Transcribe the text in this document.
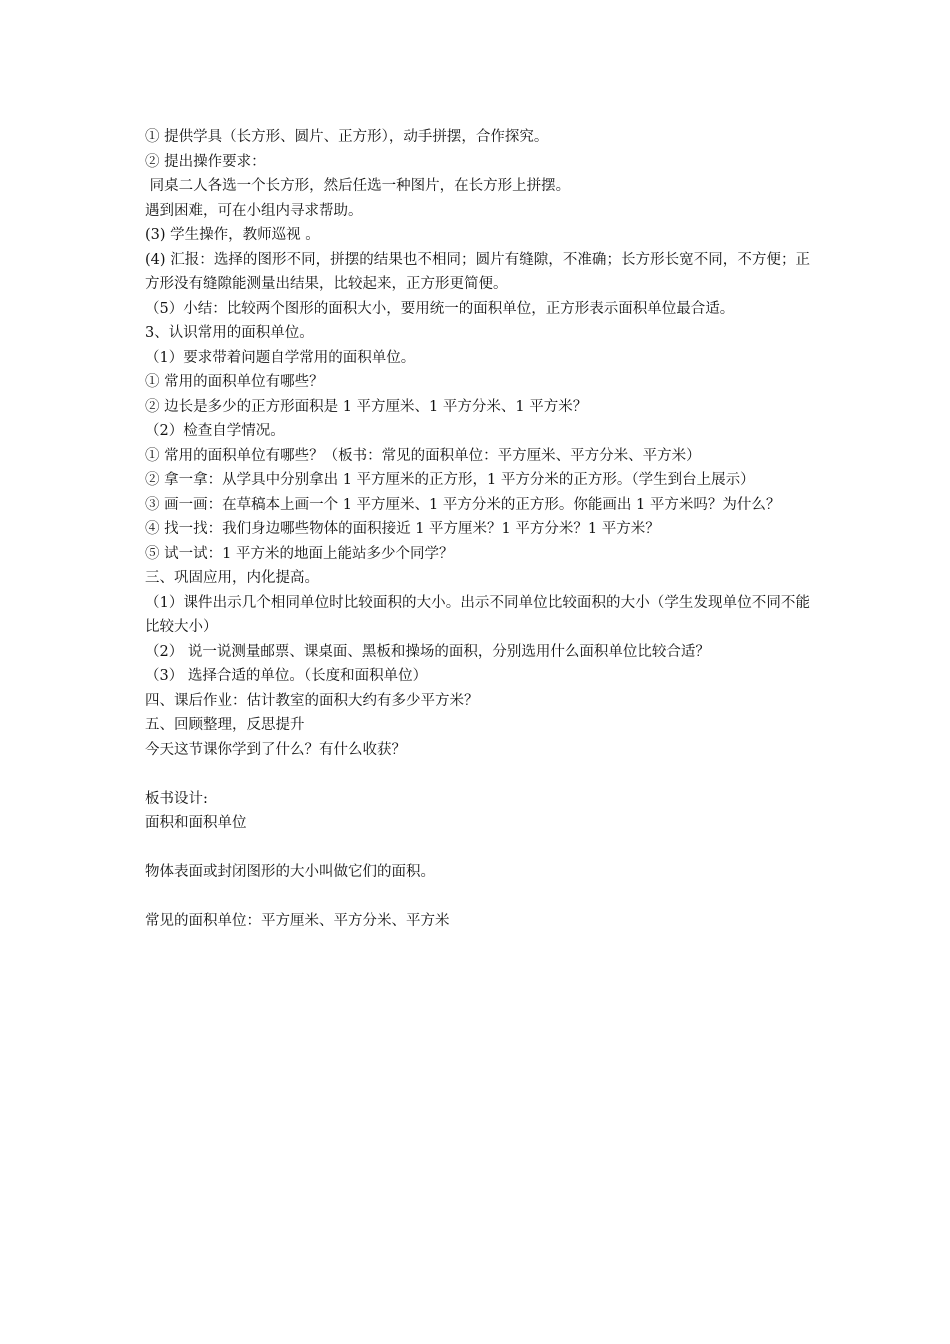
① 提供学具（长方形、圆片、正方形），动手拼摆，合作探究。
② 提出操作要求：
同桌二人各选一个长方形，然后任选一种图片，在长方形上拼摆。
遇到困难，可在小组内寻求帮助。
(3) 学生操作，教师巡视 。
(4) 汇报：选择的图形不同，拼摆的结果也不相同；圆片有缝隙，不准确；长方形长宽不同，不方便；正方形没有缝隙能测量出结果，比较起来，正方形更简便。
（5）小结：比较两个图形的面积大小，要用统一的面积单位，正方形表示面积单位最合适。
3、认识常用的面积单位。
（1）要求带着问题自学常用的面积单位。
① 常用的面积单位有哪些？
② 边长是多少的正方形面积是 1 平方厘米、1 平方分米、1 平方米？
（2）检查自学情况。
① 常用的面积单位有哪些？（板书：常见的面积单位：平方厘米、平方分米、平方米）
② 拿一拿：从学具中分别拿出 1 平方厘米的正方形，1 平方分米的正方形。（学生到台上展示）
③ 画一画：在草稿本上画一个 1 平方厘米、1 平方分米的正方形。你能画出 1 平方米吗？为什么？
④ 找一找：我们身边哪些物体的面积接近 1 平方厘米？1 平方分米？1 平方米？
⑤ 试一试：1 平方米的地面上能站多少个同学？
三、巩固应用，内化提高。
（1）课件出示几个相同单位时比较面积的大小。出示不同单位比较面积的大小（学生发现单位不同不能比较大小）
（2） 说一说测量邮票、课桌面、黑板和操场的面积，分别选用什么面积单位比较合适？
（3） 选择合适的单位。（长度和面积单位）
四、课后作业：估计教室的面积大约有多少平方米？
五、回顾整理，反思提升
今天这节课你学到了什么？有什么收获？
板书设计:
面积和面积单位
物体表面或封闭图形的大小叫做它们的面积。
常见的面积单位：平方厘米、平方分米、平方米
